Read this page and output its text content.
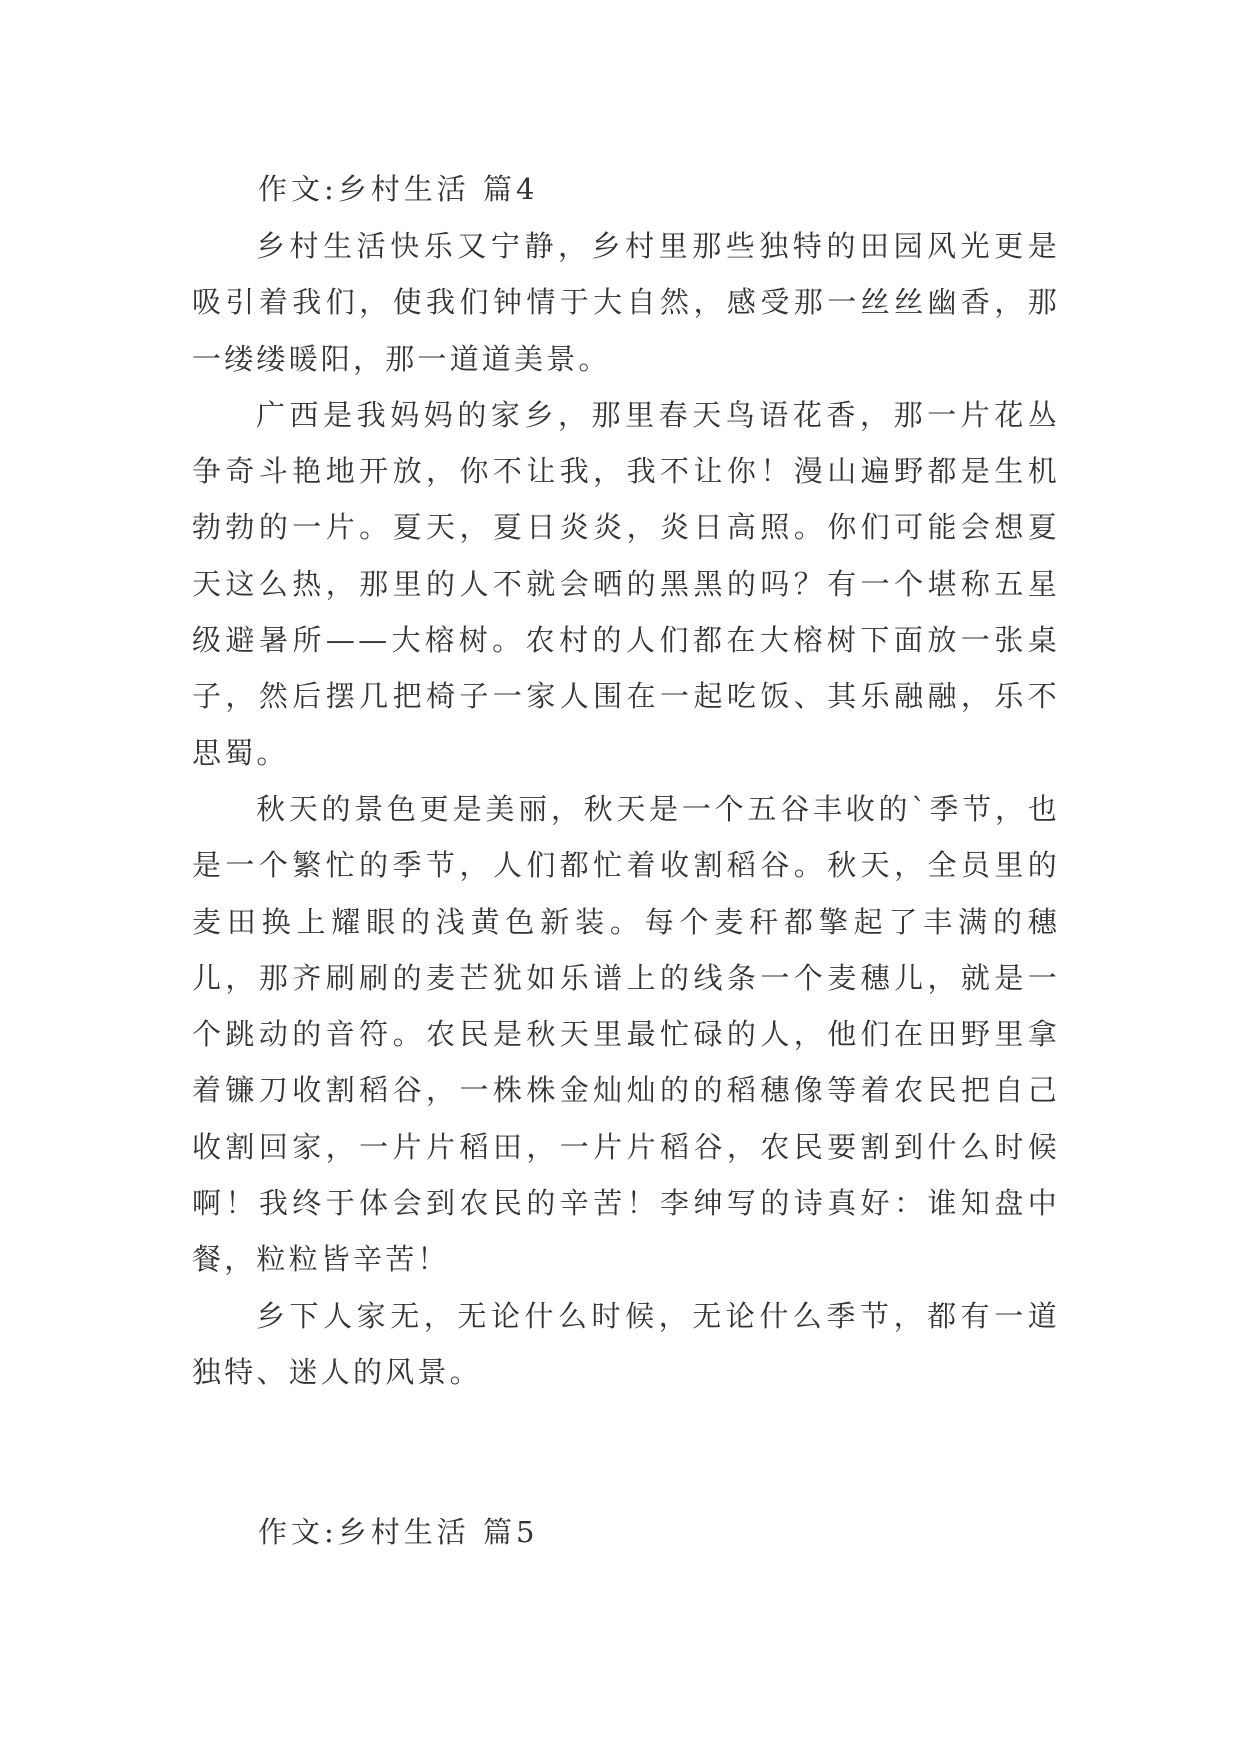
作文:乡村生活 篇4

乡村生活快乐又宁静，乡村里那些独特的田园风光更是吸引着我们，使我们钟情于大自然，感受那一丝丝幽香，那一缕缕暖阳，那一道道美景。

广西是我妈妈的家乡，那里春天鸟语花香，那一片花丛争奇斗艳地开放，你不让我，我不让你！漫山遍野都是生机勃勃的一片。夏天，夏日炎炎，炎日高照。你们可能会想夏天这么热，那里的人不就会晒的黑黑的吗？有一个堪称五星级避暑所——大榕树。农村的人们都在大榕树下面放一张桌子，然后摆几把椅子一家人围在一起吃饭、其乐融融，乐不思蜀。

秋天的景色更是美丽，秋天是一个五谷丰收的`季节，也是一个繁忙的季节，人们都忙着收割稻谷。秋天，全员里的麦田换上耀眼的浅黄色新装。每个麦秆都擎起了丰满的穗儿，那齐刷刷的麦芒犹如乐谱上的线条一个麦穗儿，就是一个跳动的音符。农民是秋天里最忙碌的人，他们在田野里拿着镰刀收割稻谷，一株株金灿灿的的稻穗像等着农民把自己收割回家，一片片稻田，一片片稻谷，农民要割到什么时候啊！我终于体会到农民的辛苦！李绅写的诗真好：谁知盘中餐，粒粒皆辛苦！

乡下人家无，无论什么时候，无论什么季节，都有一道独特、迷人的风景。

作文:乡村生活 篇5
